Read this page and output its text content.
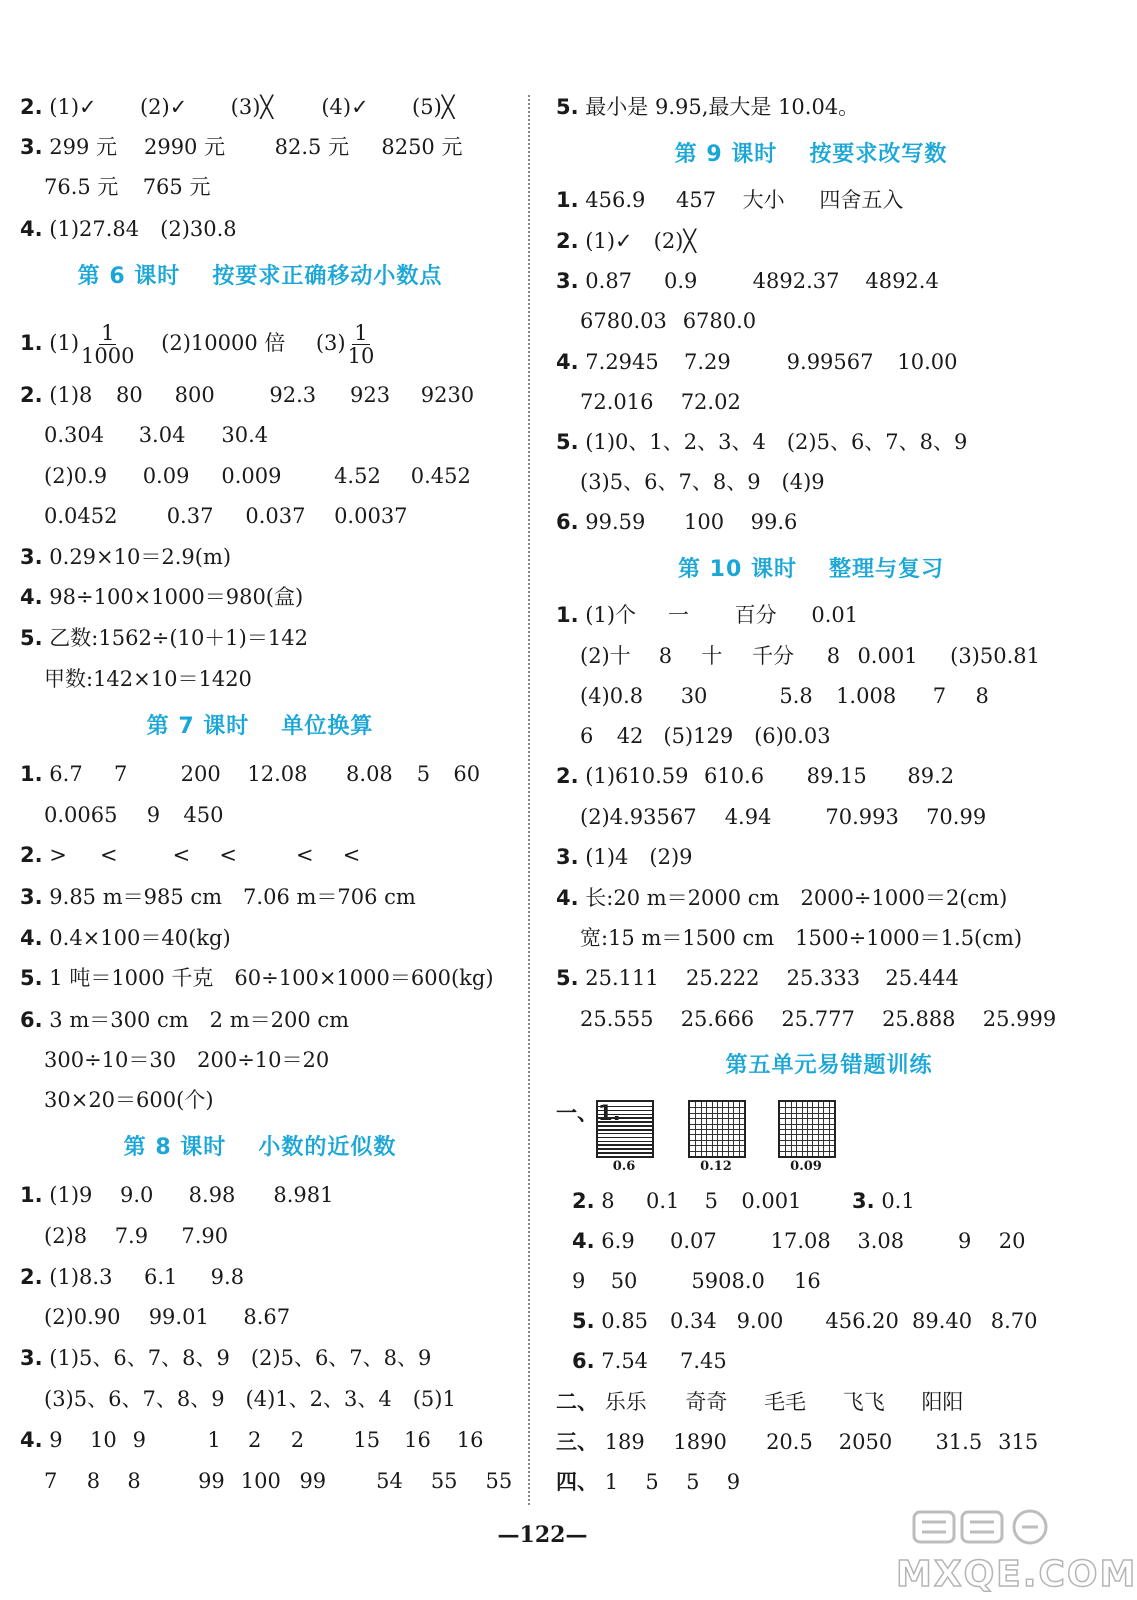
2. (1)✓ (2)✓ (3)╳ (4)✓ (5)╳
3. 299 元 2990 元 82.5 元 8250 元
76.5 元 765 元
4. (1)27.84　(2)30.8
第 6 课时 按要求正确移动小数点
1. $(1) \frac{1}{1000} (2)10000$ 倍 $(3) \frac{1}{10}$
2. (1)8 80 800	92.3 923 9230
0.304 3.04 30.4
(2)0.9 0.09 0.009	4.52 0.452
0.0452 0.37 0.037 0.0037
3. 0.29×10＝2.9(m)
4. 98÷100×1000＝980(盒)
5. 乙数:1562÷(10＋1)＝142
甲数:142×10＝1420
第 7 课时 单位换算
1. 6.7 7	200 12.08 8.08 5 60
0.0065 9 450
2. > <	< <	< <
3. 9.85 m＝985 cm　7.06 m＝706 cm
4. 0.4×100＝40(kg)
5. 1 吨＝1000 千克　60÷100×1000＝600(kg)
6. 3 m＝300 cm　2 m＝200 cm
300÷10＝30　200÷10＝20
30×20＝600(个)
第 8 课时 小数的近似数
1. (1)9 9.0 8.98 8.981
(2)8 7.9 7.90
2. (1)8.3 6.1 9.8
(2)0.90 99.01 8.67
3. (1)5、6、7、8、9　(2)5、6、7、8、9
(3)5、6、7、8、9　(4)1、2、3、4　(5)1
4. 9 10 9	1 2 2 15 16 16
7 8 8	99 100 99 54 55 55
5. 最小是 9.95,最大是 10.04。
第 9 课时 按要求改写数
1. 456.9 457 大小 四舍五入
2. (1)✓　(2)╳
3. 0.87 0.9	4892.37 4892.4
6780.03 6780.0
4. 7.2945 7.29	9.99567 10.00
72.016 72.02
5. (1)0、1、2、3、4　(2)5、6、7、8、9
(3)5、6、7、8、9　(4)9
6. 99.59 100 99.6
第 10 课时 整理与复习
1. (1)个 一 百分 0.01
(2)十 8 十 千分 8 0.001 (3)50.81
(4)0.8 30	5.8 1.008 7 8
6 42 (5)129 (6)0.03
2. (1)610.59 610.6 89.15 89.2
(2)4.93567 4.94	70.993 70.99
3. (1)4　(2)9
4. 长:20 m＝2000 cm　2000÷1000＝2(cm)
宽:15 m＝1500 cm　1500÷1000＝1.5(cm)
5. 25.111 25.222 25.333 25.444
25.555 25.666 25.777 25.888 25.999
第五单元易错题训练
一、
0.6	0.12	0.09
2. 8 0.1 5 0.001 3. 0.1
4. 6.9 0.07	17.08 3.08	9 20
9 50	5908.0 16
5. 0.85 0.34 9.00 456.20 89.40 8.70
6. 7.54 7.45
二、 乐乐 奇奇 毛毛 飞飞 阳阳
三、 189 1890 20.5 2050 31.5 315
四、 1 5 5 9
—122—
MXQE.COM
